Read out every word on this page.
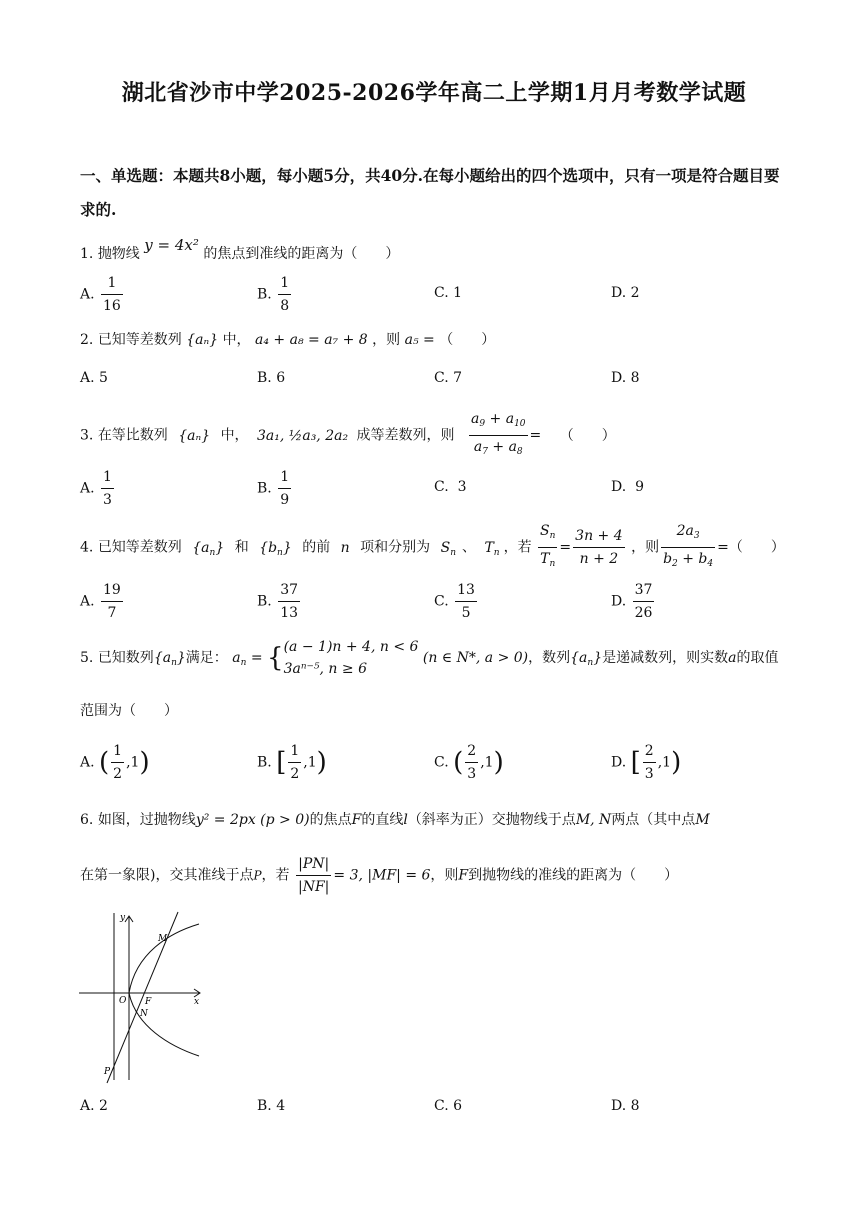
湖北省沙市中学2025-2026学年高二上学期1月月考数学试题
一、单选题：本题共8小题，每小题5分，共40分.在每小题给出的四个选项中，只有一项是符合题目要求的.
1. 抛物线 y = 4x² 的焦点到准线的距离为（　　）
A. $\frac{1}{16}$	B. $\frac{1}{8}$	C. 1	D. 2
2. 已知等差数列 {aₙ} 中， a₄ + a₈ = a₇ + 8 ，则 a₅ = （　　）
A. 5	B. 6	C. 7	D. 8
3. 在等比数列 {aₙ} 中， 3a₁, ½a₃, 2a₂ 成等差数列，则 $\frac{a_9 + a_{10}}{a_7 + a_8}$ = （　　）
A. $\frac{1}{3}$	B. $\frac{1}{9}$	C. 3	D. 9
4. 已知等差数列 $\{a_n\}$ 和 $\{b_n\}$ 的前 n 项和分别为 $S_n$ 、 $T_n$ ，若 $\frac{S_n}{T_n} = \frac{3n + 4}{n + 2}$ ，则 $\frac{2a_3}{b_2 + b_4}$ =（　　）
A. $\frac{19}{7}$	B. $\frac{37}{13}$	C. $\frac{13}{5}$	D. $\frac{37}{26}$
5. 已知数列$\{a_n\}$满足： $a_n$ = { (a − 1)n + 4, n < 6
3aⁿ⁻⁵, n ≥ 6
(n ∈ N*, a > 0)，数列$\{a_n\}$是递减数列，则实数a的取值
范围为（　　）
A. ( $\frac{1}{2} ,1$)	B. [ $\frac{1}{2} ,1$)	C. ( $\frac{2}{3} ,1$)	D. [ $\frac{2}{3} ,1$)
6. 如图，过抛物线y² = 2px (p > 0)的焦点F的直线l（斜率为正）交抛物线于点M, N两点（其中点M
在第一象限)，交其准线于点P，若 $\frac{|PN|}{|NF|} = 3$, |MF| = 6，则F到抛物线的准线的距离为（　　）
y
x
O F
M
N
P
A. 2	B. 4	C. 6	D. 8
